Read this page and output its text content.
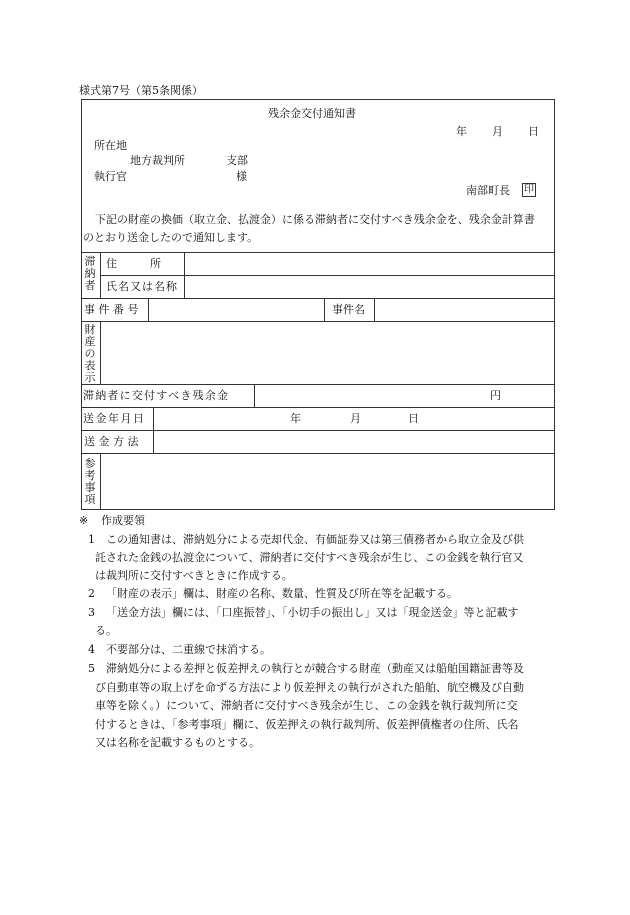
様式第7号（第5条関係）
残余金交付通知書
年 月 日
所在地
地方裁判所	支部
執行官	様
南部町長 印
下記の財産の換価（取立金、払渡金）に係る滞納者に交付すべき残余金を、残余金計算書
のとおり送金したので通知します。
滞
納
者
住　　　所
氏名又は名称
事 件 番 号	事件名
財
産
の
表
示
滞納者に交付すべき残余金	円
送金年月日	年	月	日
送 金 方 法
参
考
事
項
※ 作成要領
1 この通知書は、滞納処分による売却代金、有価証券又は第三債務者から取立金及び供
託された金銭の払渡金について、滞納者に交付すべき残余が生じ、この金銭を執行官又
は裁判所に交付すべきときに作成する。
2 「財産の表示」欄は、財産の名称、数量、性質及び所在等を記載する。
3 「送金方法」欄には、「口座振替」、「小切手の振出し」又は「現金送金」等と記載す
る。
4 不要部分は、二重線で抹消する。
5 滞納処分による差押と仮差押えの執行とが競合する財産（動産又は船舶国籍証書等及
び自動車等の取上げを命ずる方法により仮差押えの執行がされた船舶、航空機及び自動
車等を除く。）について、滞納者に交付すべき残余が生じ、この金銭を執行裁判所に交
付するときは、「参考事項」欄に、仮差押えの執行裁判所、仮差押債権者の住所、氏名
又は名称を記載するものとする。
